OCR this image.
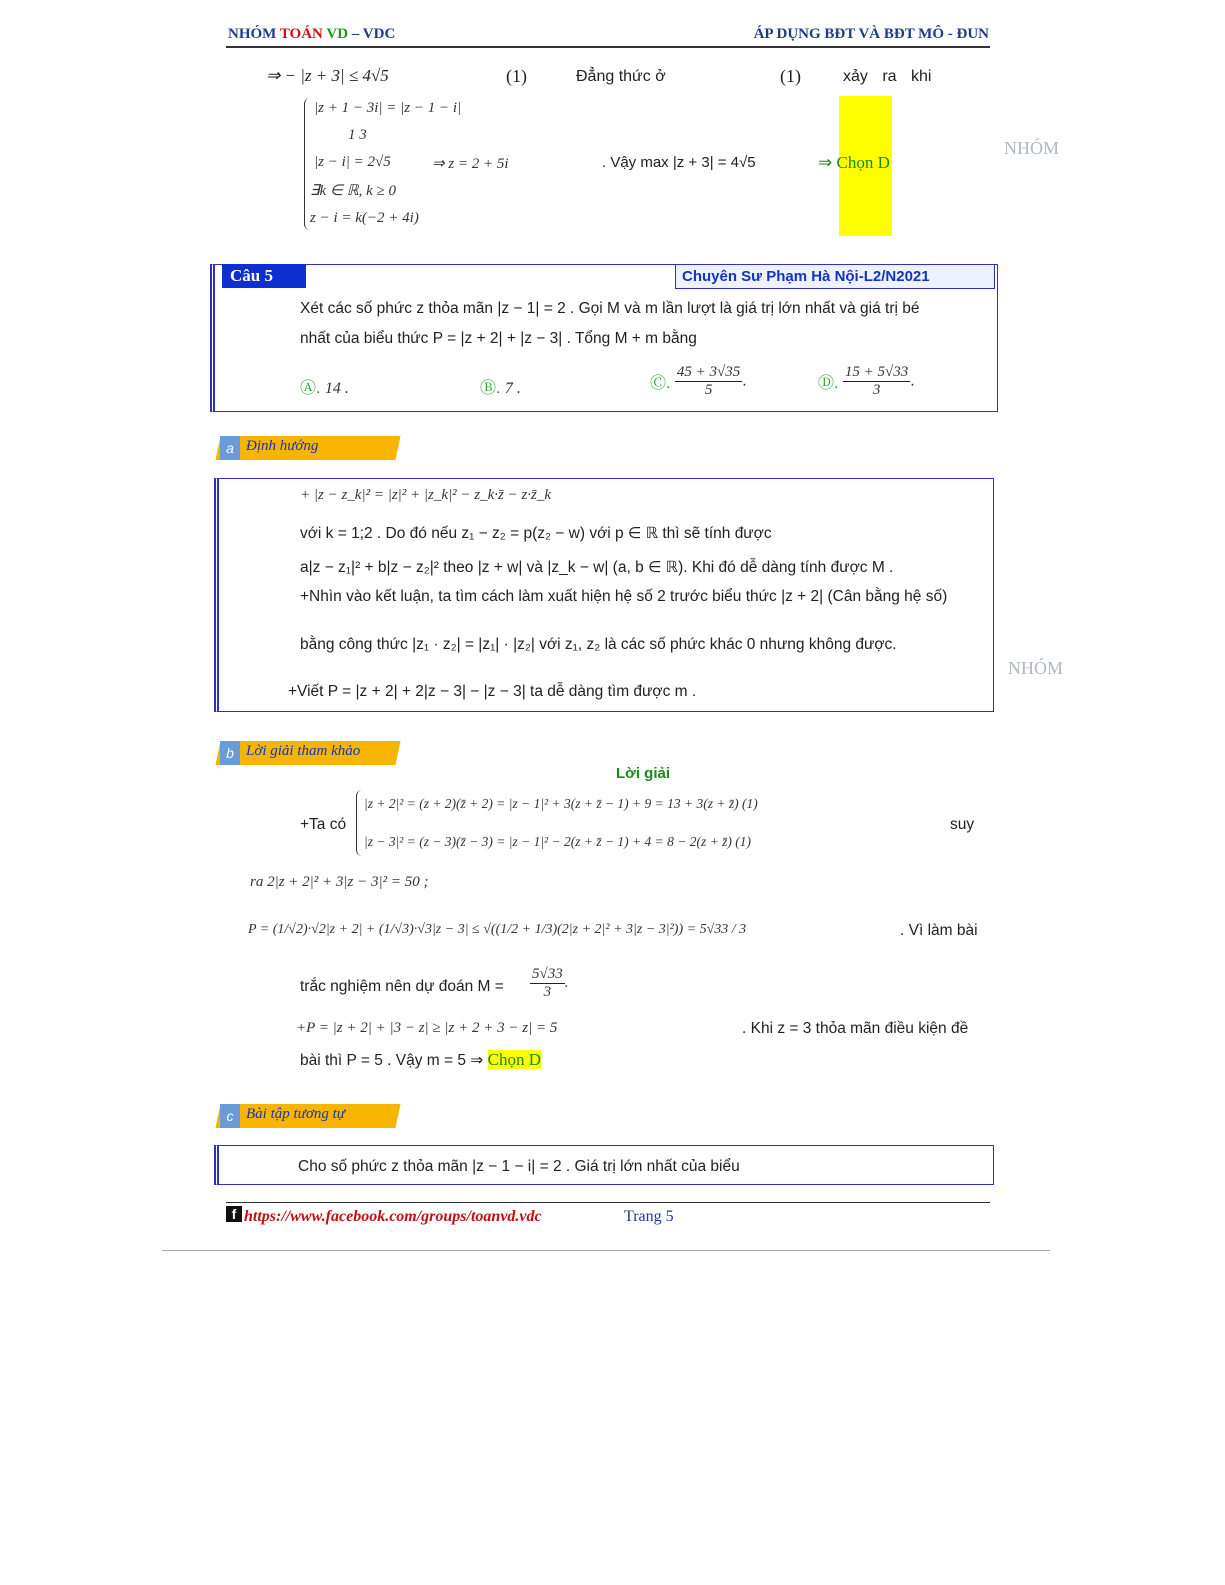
NHÓM TOÁN VD – VDC	ÁP DỤNG BĐT VÀ BĐT MÔ - ĐUN
NHÓM
NHÓM
⇒ − |z + 3| ≤ 4√5	(1)	Đẳng thức ở	(1)	xảy ra khi
|z + 1 − 3i| = |z − 1 − i|
1 3
|z − i| = 2√5	⇒ z = 2 + 5i	. Vậy max |z + 3| = 4√5	⇒ Chọn D
∃k ∈ ℝ, k ≥ 0
z − i = k(−2 + 4i)
Câu 5	Chuyên Sư Phạm Hà Nội-L2/N2021
Xét các số phức z thỏa mãn |z − 1| = 2 . Gọi M và m lần lượt là giá trị lớn nhất và giá trị bé
nhất của biểu thức P = |z + 2| + |z − 3| . Tổng M + m bằng
Ⓐ. 14 .	Ⓑ. 7 .	Ⓒ. $\frac{45 + 3√35}{5}$ .	Ⓓ. $\frac{15 + 5√33}{3}$ .
a Định hướng
+ |z − z_k|² = |z|² + |z_k|² − z_k·z̄ − z·z̄_k
với k = 1;2 . Do đó nếu z₁ − z₂ = p(z₂ − w) với p ∈ ℝ thì sẽ tính được
a|z − z₁|² + b|z − z₂|² theo |z + w| và |z_k − w| (a, b ∈ ℝ). Khi đó dễ dàng tính được M .
+Nhìn vào kết luận, ta tìm cách làm xuất hiện hệ số 2 trước biểu thức |z + 2| (Cân bằng hệ số)
bằng công thức |z₁ · z₂| = |z₁| · |z₂| với z₁, z₂ là các số phức khác 0 nhưng không được.
+Viết P = |z + 2| + 2|z − 3| − |z − 3| ta dễ dàng tìm được m .
b Lời giải tham khảo
Lời giải
+Ta có
|z + 2|² = (z + 2)(z̄ + 2) = |z − 1|² + 3(z + z̄ − 1) + 9 = 13 + 3(z + z̄) (1)
|z − 3|² = (z − 3)(z̄ − 3) = |z − 1|² − 2(z + z̄ − 1) + 4 = 8 − 2(z + z̄) (1)
suy
ra 2|z + 2|² + 3|z − 3|² = 50 ;
P = (1/√2)·√2|z + 2| + (1/√3)·√3|z − 3| ≤ √((1/2 + 1/3)(2|z + 2|² + 3|z − 3|²)) = 5√33 / 3	. Vì làm bài
trắc nghiệm nên dự đoán $M = \frac{5√33}{3}$ .
+P = |z + 2| + |3 − z| ≥ |z + 2 + 3 − z| = 5	. Khi z = 3 thỏa mãn điều kiện đề
bài thì P = 5 . Vậy m = 5 ⇒ Chọn D
c Bài tập tương tự
Cho số phức z thỏa mãn |z − 1 − i| = 2 . Giá trị lớn nhất của biểu
f https://www.facebook.com/groups/toanvd.vdc	Trang 5
